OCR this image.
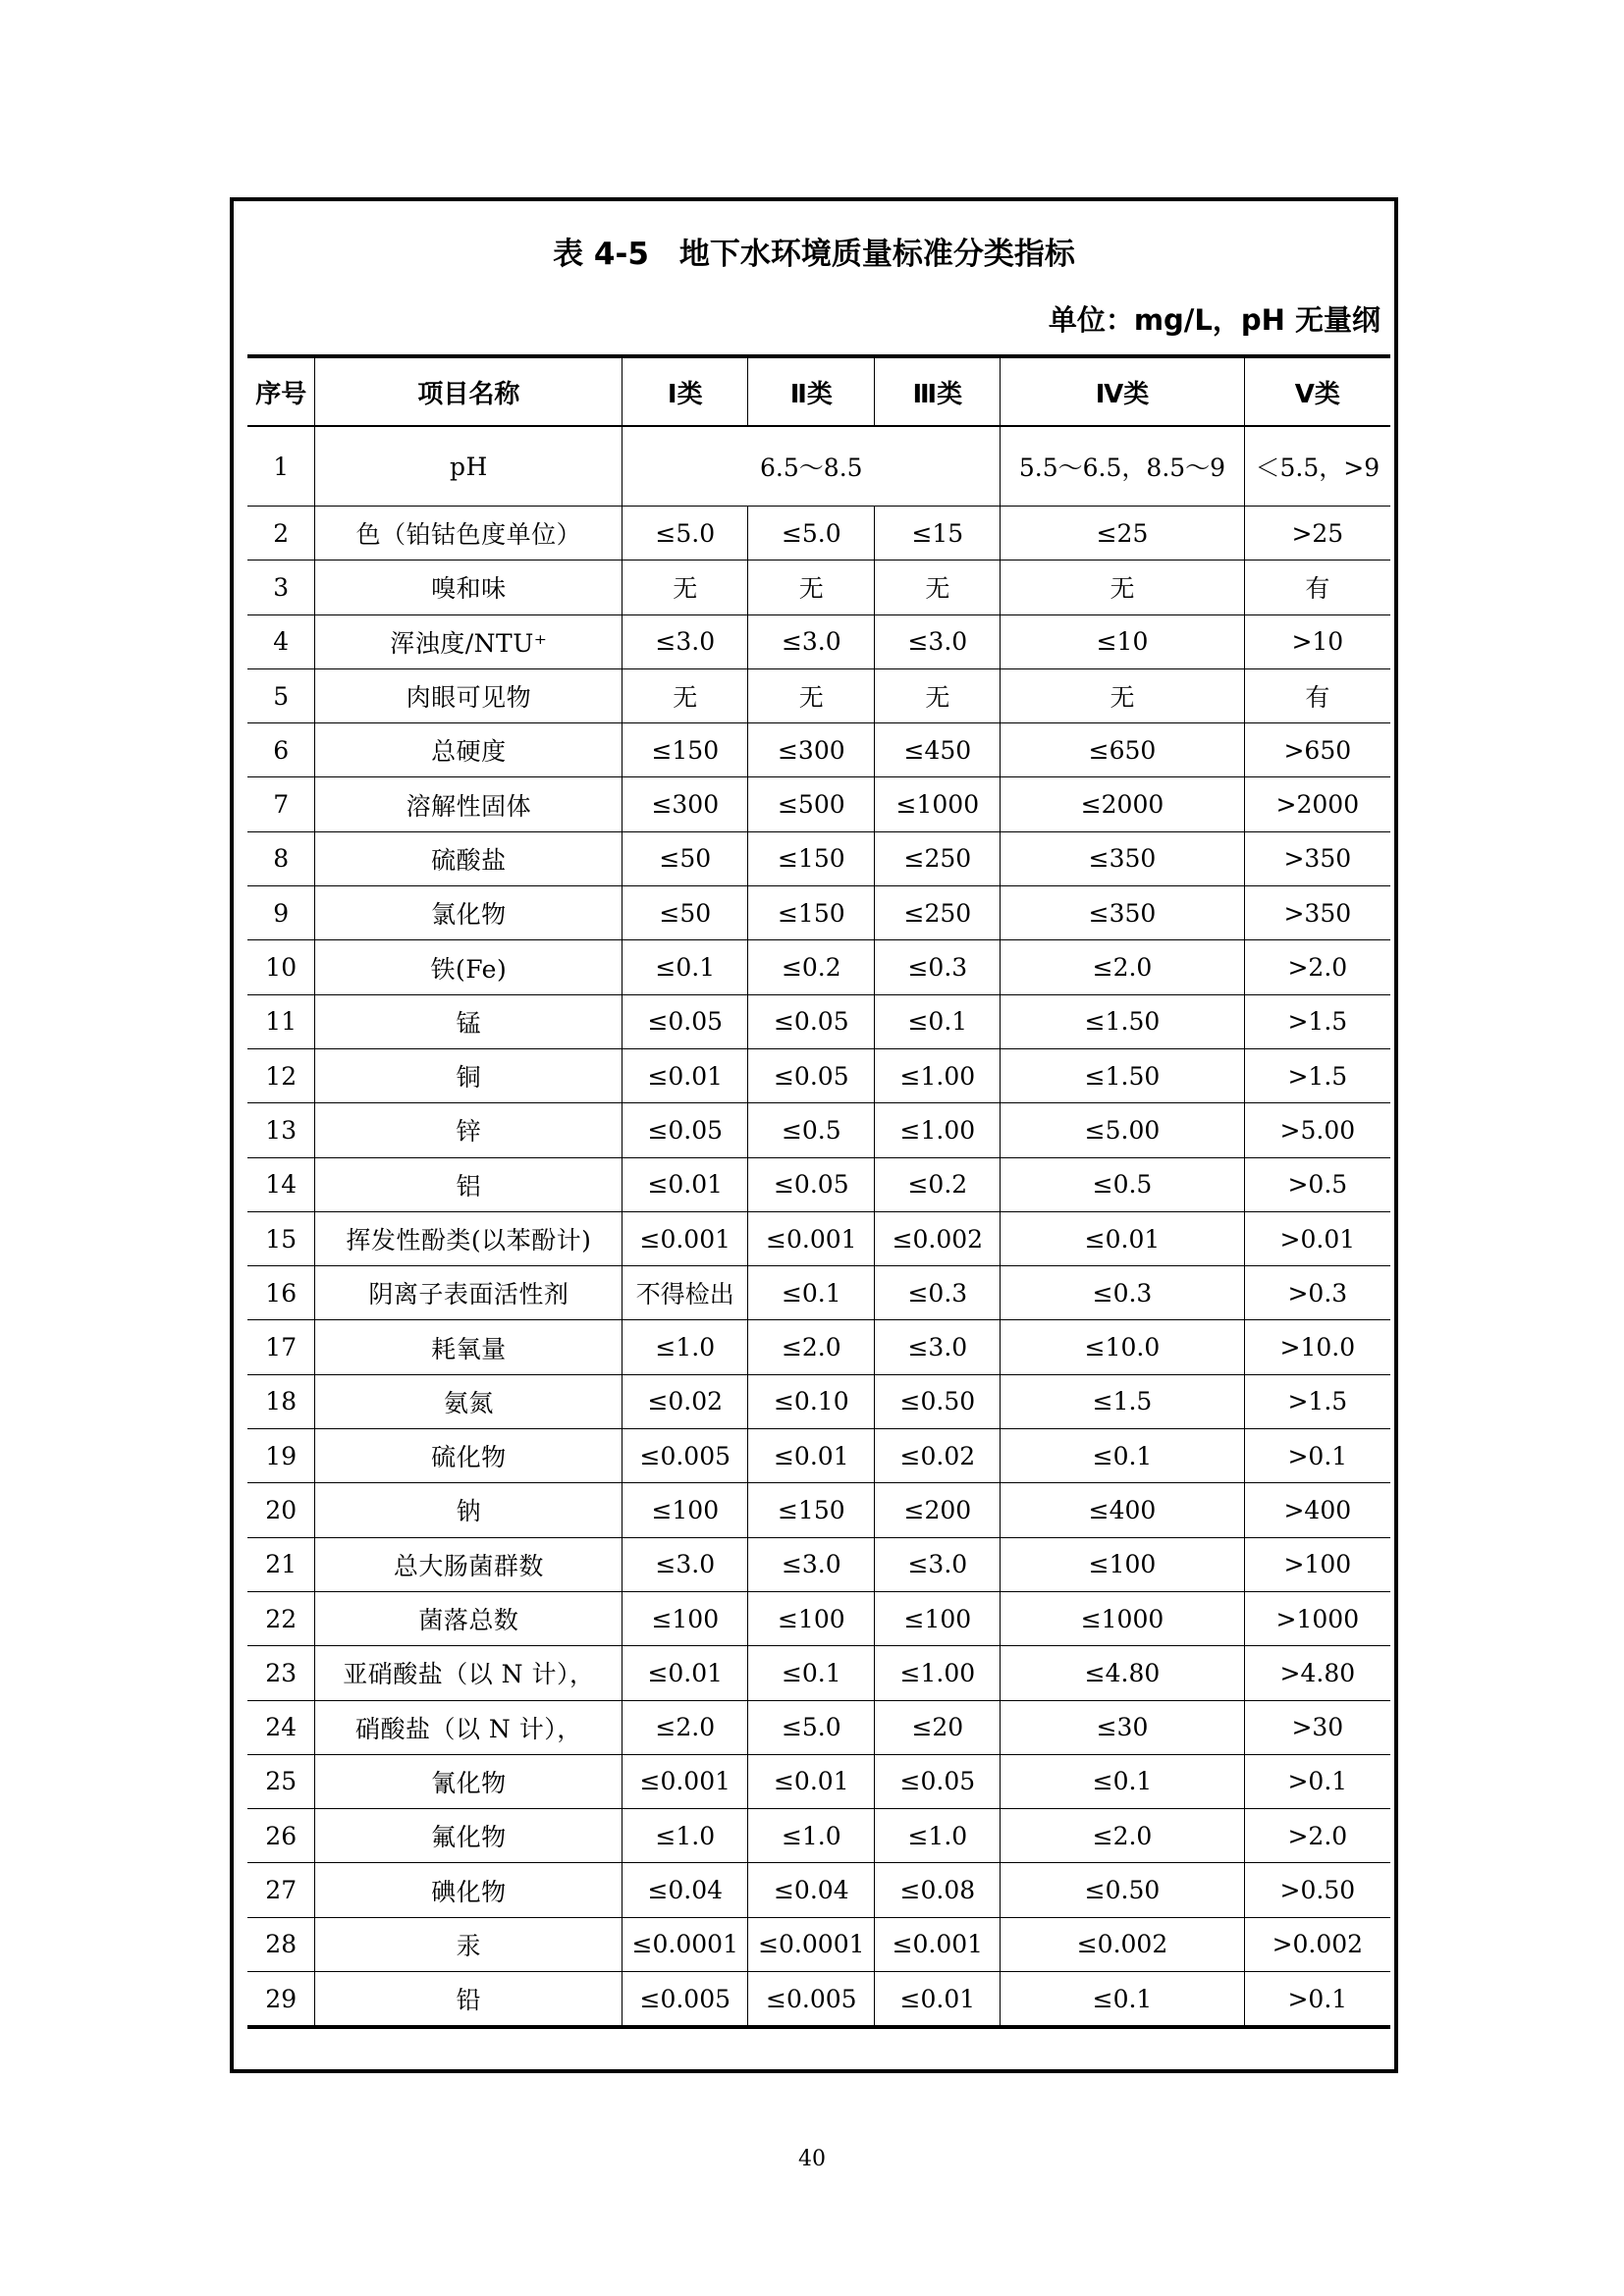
表 4-5　地下水环境质量标准分类指标
单位：mg/L，pH 无量纲
序号	项目名称	Ⅰ类	Ⅱ类	Ⅲ类	Ⅳ类	Ⅴ类
1	pH	6.5～8.5			5.5～6.5，8.5～9	＜5.5，>9
2	色（铂钴色度单位）	≤5.0	≤5.0	≤15	≤25	>25
3	嗅和味	无	无	无	无	有
4	浑浊度/NTU⁺	≤3.0	≤3.0	≤3.0	≤10	>10
5	肉眼可见物	无	无	无	无	有
6	总硬度	≤150	≤300	≤450	≤650	>650
7	溶解性固体	≤300	≤500	≤1000	≤2000	>2000
8	硫酸盐	≤50	≤150	≤250	≤350	>350
9	氯化物	≤50	≤150	≤250	≤350	>350
10	铁(Fe)	≤0.1	≤0.2	≤0.3	≤2.0	>2.0
11	锰	≤0.05	≤0.05	≤0.1	≤1.50	>1.5
12	铜	≤0.01	≤0.05	≤1.00	≤1.50	>1.5
13	锌	≤0.05	≤0.5	≤1.00	≤5.00	>5.00
14	铝	≤0.01	≤0.05	≤0.2	≤0.5	>0.5
15	挥发性酚类(以苯酚计)	≤0.001	≤0.001	≤0.002	≤0.01	>0.01
16	阴离子表面活性剂	不得检出	≤0.1	≤0.3	≤0.3	>0.3
17	耗氧量	≤1.0	≤2.0	≤3.0	≤10.0	>10.0
18	氨氮	≤0.02	≤0.10	≤0.50	≤1.5	>1.5
19	硫化物	≤0.005	≤0.01	≤0.02	≤0.1	>0.1
20	钠	≤100	≤150	≤200	≤400	>400
21	总大肠菌群数	≤3.0	≤3.0	≤3.0	≤100	>100
22	菌落总数	≤100	≤100	≤100	≤1000	>1000
23	亚硝酸盐（以 N 计），	≤0.01	≤0.1	≤1.00	≤4.80	>4.80
24	硝酸盐（以 N 计），	≤2.0	≤5.0	≤20	≤30	>30
25	氰化物	≤0.001	≤0.01	≤0.05	≤0.1	>0.1
26	氟化物	≤1.0	≤1.0	≤1.0	≤2.0	>2.0
27	碘化物	≤0.04	≤0.04	≤0.08	≤0.50	>0.50
28	汞	≤0.0001	≤0.0001	≤0.001	≤0.002	>0.002
29	铅	≤0.005	≤0.005	≤0.01	≤0.1	>0.1
40
